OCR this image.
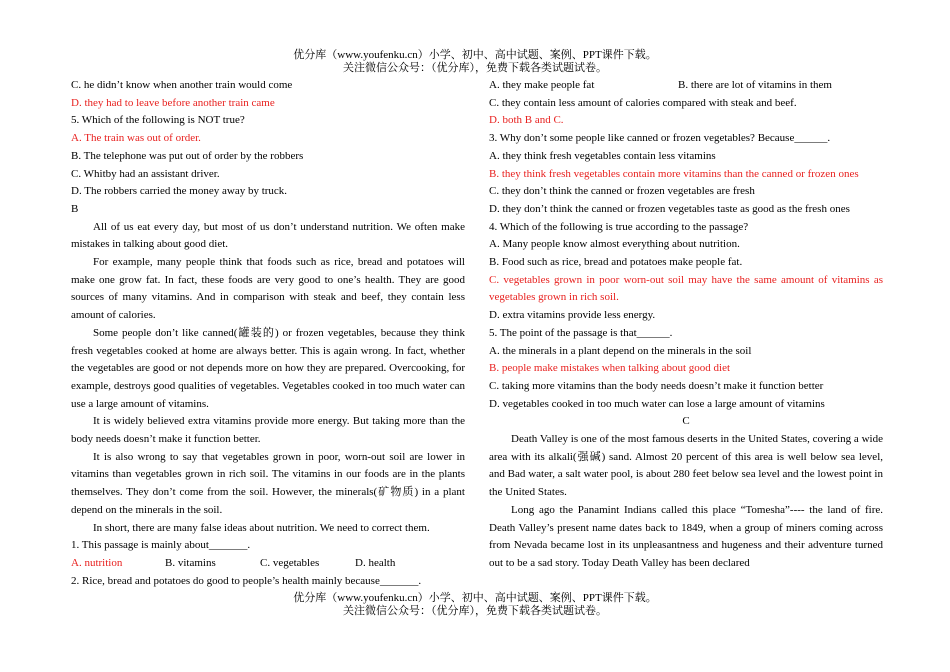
优分库（www.youfenku.cn）小学、初中、高中试题、案例、PPT课件下载。
关注微信公众号：（优分库），免费下载各类试题试卷。

C. he didn’t know when another train would come

D. they had to leave before another train came

5. Which of the following is NOT true?

A. The train was out of order.

B. The telephone was put out of order by the robbers

C. Whitby had an assistant driver.

D. The robbers carried the money away by truck.

B

All of us eat every day, but most of us don’t understand nutrition. We often make mistakes in talking about good diet.

For example, many people think that foods such as rice, bread and potatoes will make one grow fat. In fact, these foods are very good to one’s health. They are good sources of many vitamins. And in comparison with steak and beef, they contain less amount of calories.

Some people don’t like canned(罐装的) or frozen vegetables, because they think fresh vegetables cooked at home are always better. This is again wrong. In fact, whether the vegetables are good or not depends more on how they are prepared. Overcooking, for example, destroys good qualities of vegetables. Vegetables cooked in too much water can use a large amount of vitamins.

It is widely believed extra vitamins provide more energy. But taking more than the body needs doesn’t make it function better.

It is also wrong to say that vegetables grown in poor, worn-out soil are lower in vitamins than vegetables grown in rich soil. The vitamins in our foods are in the plants themselves. They don’t come from the soil. However, the minerals(矿物质) in a plant depend on the minerals in the soil.

In short, there are many false ideas about nutrition. We need to correct them.

1. This passage is mainly about_______.

A. nutrition	B. vitamins	C. vegetables	D. health

2. Rice, bread and potatoes do good to people’s health mainly because_______.

A. they make people fat	B. there are lot of vitamins in them

C. they contain less amount of calories compared with steak and beef.

D. both B and C.

3. Why don’t some people like canned or frozen vegetables? Because______.

A. they think fresh vegetables contain less vitamins

B. they think fresh vegetables contain more vitamins than the canned or frozen ones

C. they don’t think the canned or frozen vegetables are fresh

D. they don’t think the canned or frozen vegetables taste as good as the fresh ones

4. Which of the following is true according to the passage?

A. Many people know almost everything about nutrition.

B. Food such as rice, bread and potatoes make people fat.

C. vegetables grown in poor worn-out soil may have the same amount of vitamins as vegetables grown in rich soil.

D. extra vitamins provide less energy.

5. The point of the passage is that______.

A. the minerals in a plant depend on the minerals in the soil

B. people make mistakes when talking about good diet

C. taking more vitamins than the body needs doesn’t make it function better

D. vegetables cooked in too much water can lose a large amount of vitamins

C

Death Valley is one of the most famous deserts in the United States, covering a wide area with its alkali(强碱) sand. Almost 20 percent of this area is well below sea level, and Bad water, a salt water pool, is about 280 feet below sea level and the lowest point in the United States.

Long ago the Panamint Indians called this place “Tomesha”---- the land of fire. Death Valley’s present name dates back to 1849, when a group of miners coming across from Nevada became lost in its unpleasantness and hugeness and their adventure turned out to be a sad story. Today Death Valley has been declared

优分库（www.youfenku.cn）小学、初中、高中试题、案例、PPT课件下载。
关注微信公众号：（优分库），免费下载各类试题试卷。
